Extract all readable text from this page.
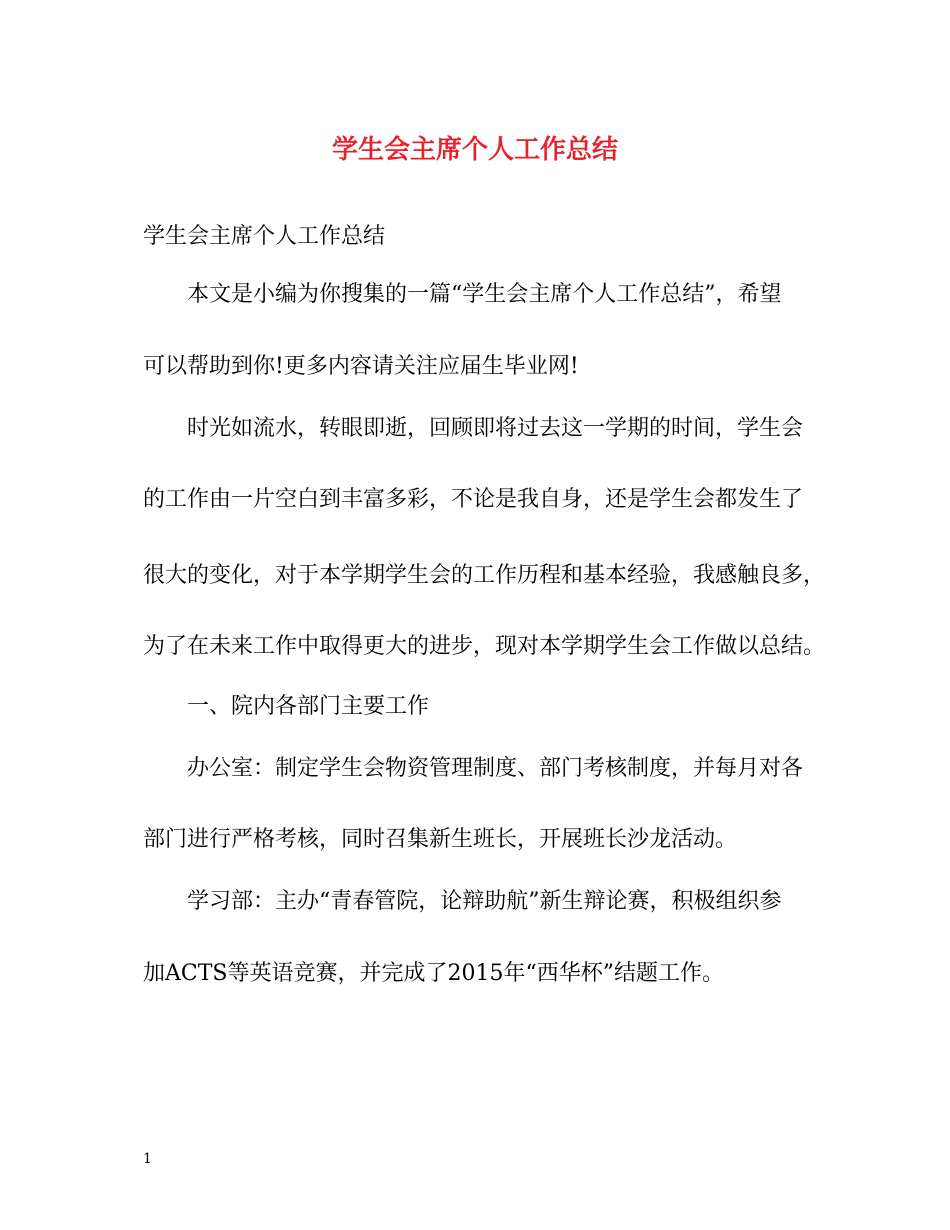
学生会主席个人工作总结

学生会主席个人工作总结

本文是小编为你搜集的一篇“学生会主席个人工作总结”，希望

可以帮助到你!更多内容请关注应届生毕业网!

时光如流水，转眼即逝，回顾即将过去这一学期的时间，学生会

的工作由一片空白到丰富多彩，不论是我自身，还是学生会都发生了

很大的变化，对于本学期学生会的工作历程和基本经验，我感触良多，

为了在未来工作中取得更大的进步，现对本学期学生会工作做以总结。

一、院内各部门主要工作

办公室：制定学生会物资管理制度、部门考核制度，并每月对各

部门进行严格考核，同时召集新生班长，开展班长沙龙活动。

学习部：主办“青春管院，论辩助航”新生辩论赛，积极组织参

加ACTS等英语竞赛，并完成了2015年“西华杯”结题工作。

1
